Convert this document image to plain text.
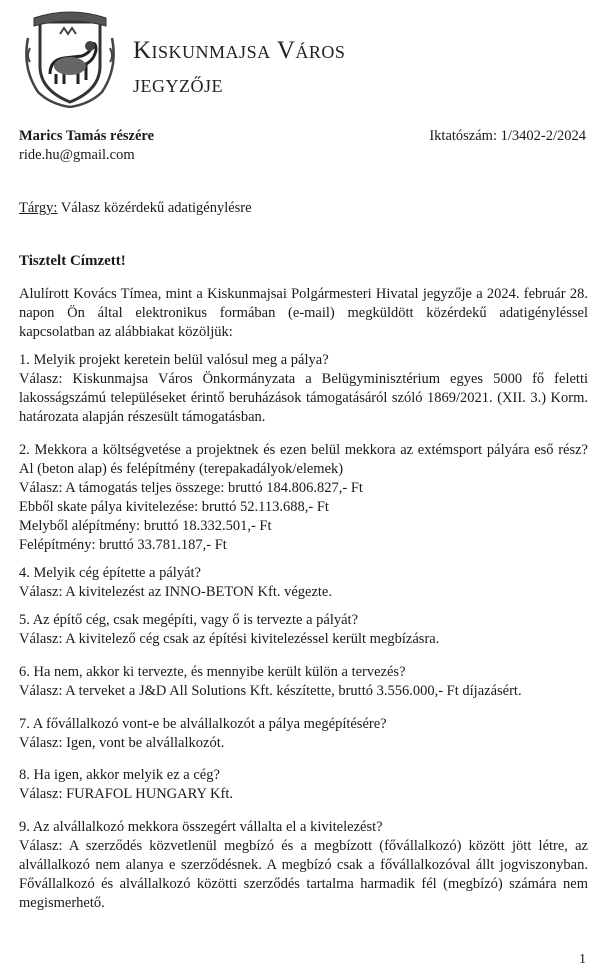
Kiskunmajsa Város
jegyzője
Marics Tamás részére
ride.hu@gmail.com
Iktatószám: 1/3402-2/2024
Tárgy: Válasz közérdekű adatigénylésre
Tisztelt Címzett!
Alulírott Kovács Tímea, mint a Kiskunmajsai Polgármesteri Hivatal jegyzője a 2024. február 28. napon Ön által elektronikus formában (e-mail) megküldött közérdekű adatigényléssel kapcsolatban az alábbiakat közöljük:
1. Melyik projekt keretein belül valósul meg a pálya?
Válasz: Kiskunmajsa Város Önkormányzata a Belügyminisztérium egyes 5000 fő feletti lakosságszámú településeket érintő beruházások támogatásáról szóló 1869/2021. (XII. 3.) Korm. határozata alapján részesült támogatásban.
2. Mekkora a költségvetése a projektnek és ezen belül mekkora az extémsport pályára eső rész? Al (beton alap) és felépítmény (terepakadályok/elemek)
Válasz: A támogatás teljes összege: bruttó 184.806.827,- Ft
Ebből skate pálya kivitelezése: bruttó 52.113.688,- Ft
Melyből alépítmény: bruttó 18.332.501,- Ft
Felépítmény: bruttó 33.781.187,- Ft
4. Melyik cég építette a pályát?
Válasz: A kivitelezést az INNO-BETON Kft. végezte.
5. Az építő cég, csak megépíti, vagy ő is tervezte a pályát?
Válasz: A kivitelező cég csak az építési kivitelezéssel került megbízásra.
6. Ha nem, akkor ki tervezte, és mennyibe került külön a tervezés?
Válasz: A terveket a J&D All Solutions Kft. készítette, bruttó 3.556.000,- Ft díjazásért.
7. A fővállalkozó vont-e be alvállalkozót a pálya megépítésére?
Válasz: Igen, vont be alvállalkozót.
8. Ha igen, akkor melyik ez a cég?
Válasz: FURAFOL HUNGARY Kft.
9. Az alvállalkozó mekkora összegért vállalta el a kivitelezést?
Válasz: A szerződés közvetlenül megbízó és a megbízott (fővállalkozó) között jött létre, az alvállalkozó nem alanya e szerződésnek. A megbízó csak a fővállalkozóval állt jogviszonyban. Fővállalkozó és alvállalkozó közötti szerződés tartalma harmadik fél (megbízó) számára nem megismerhető.
1
